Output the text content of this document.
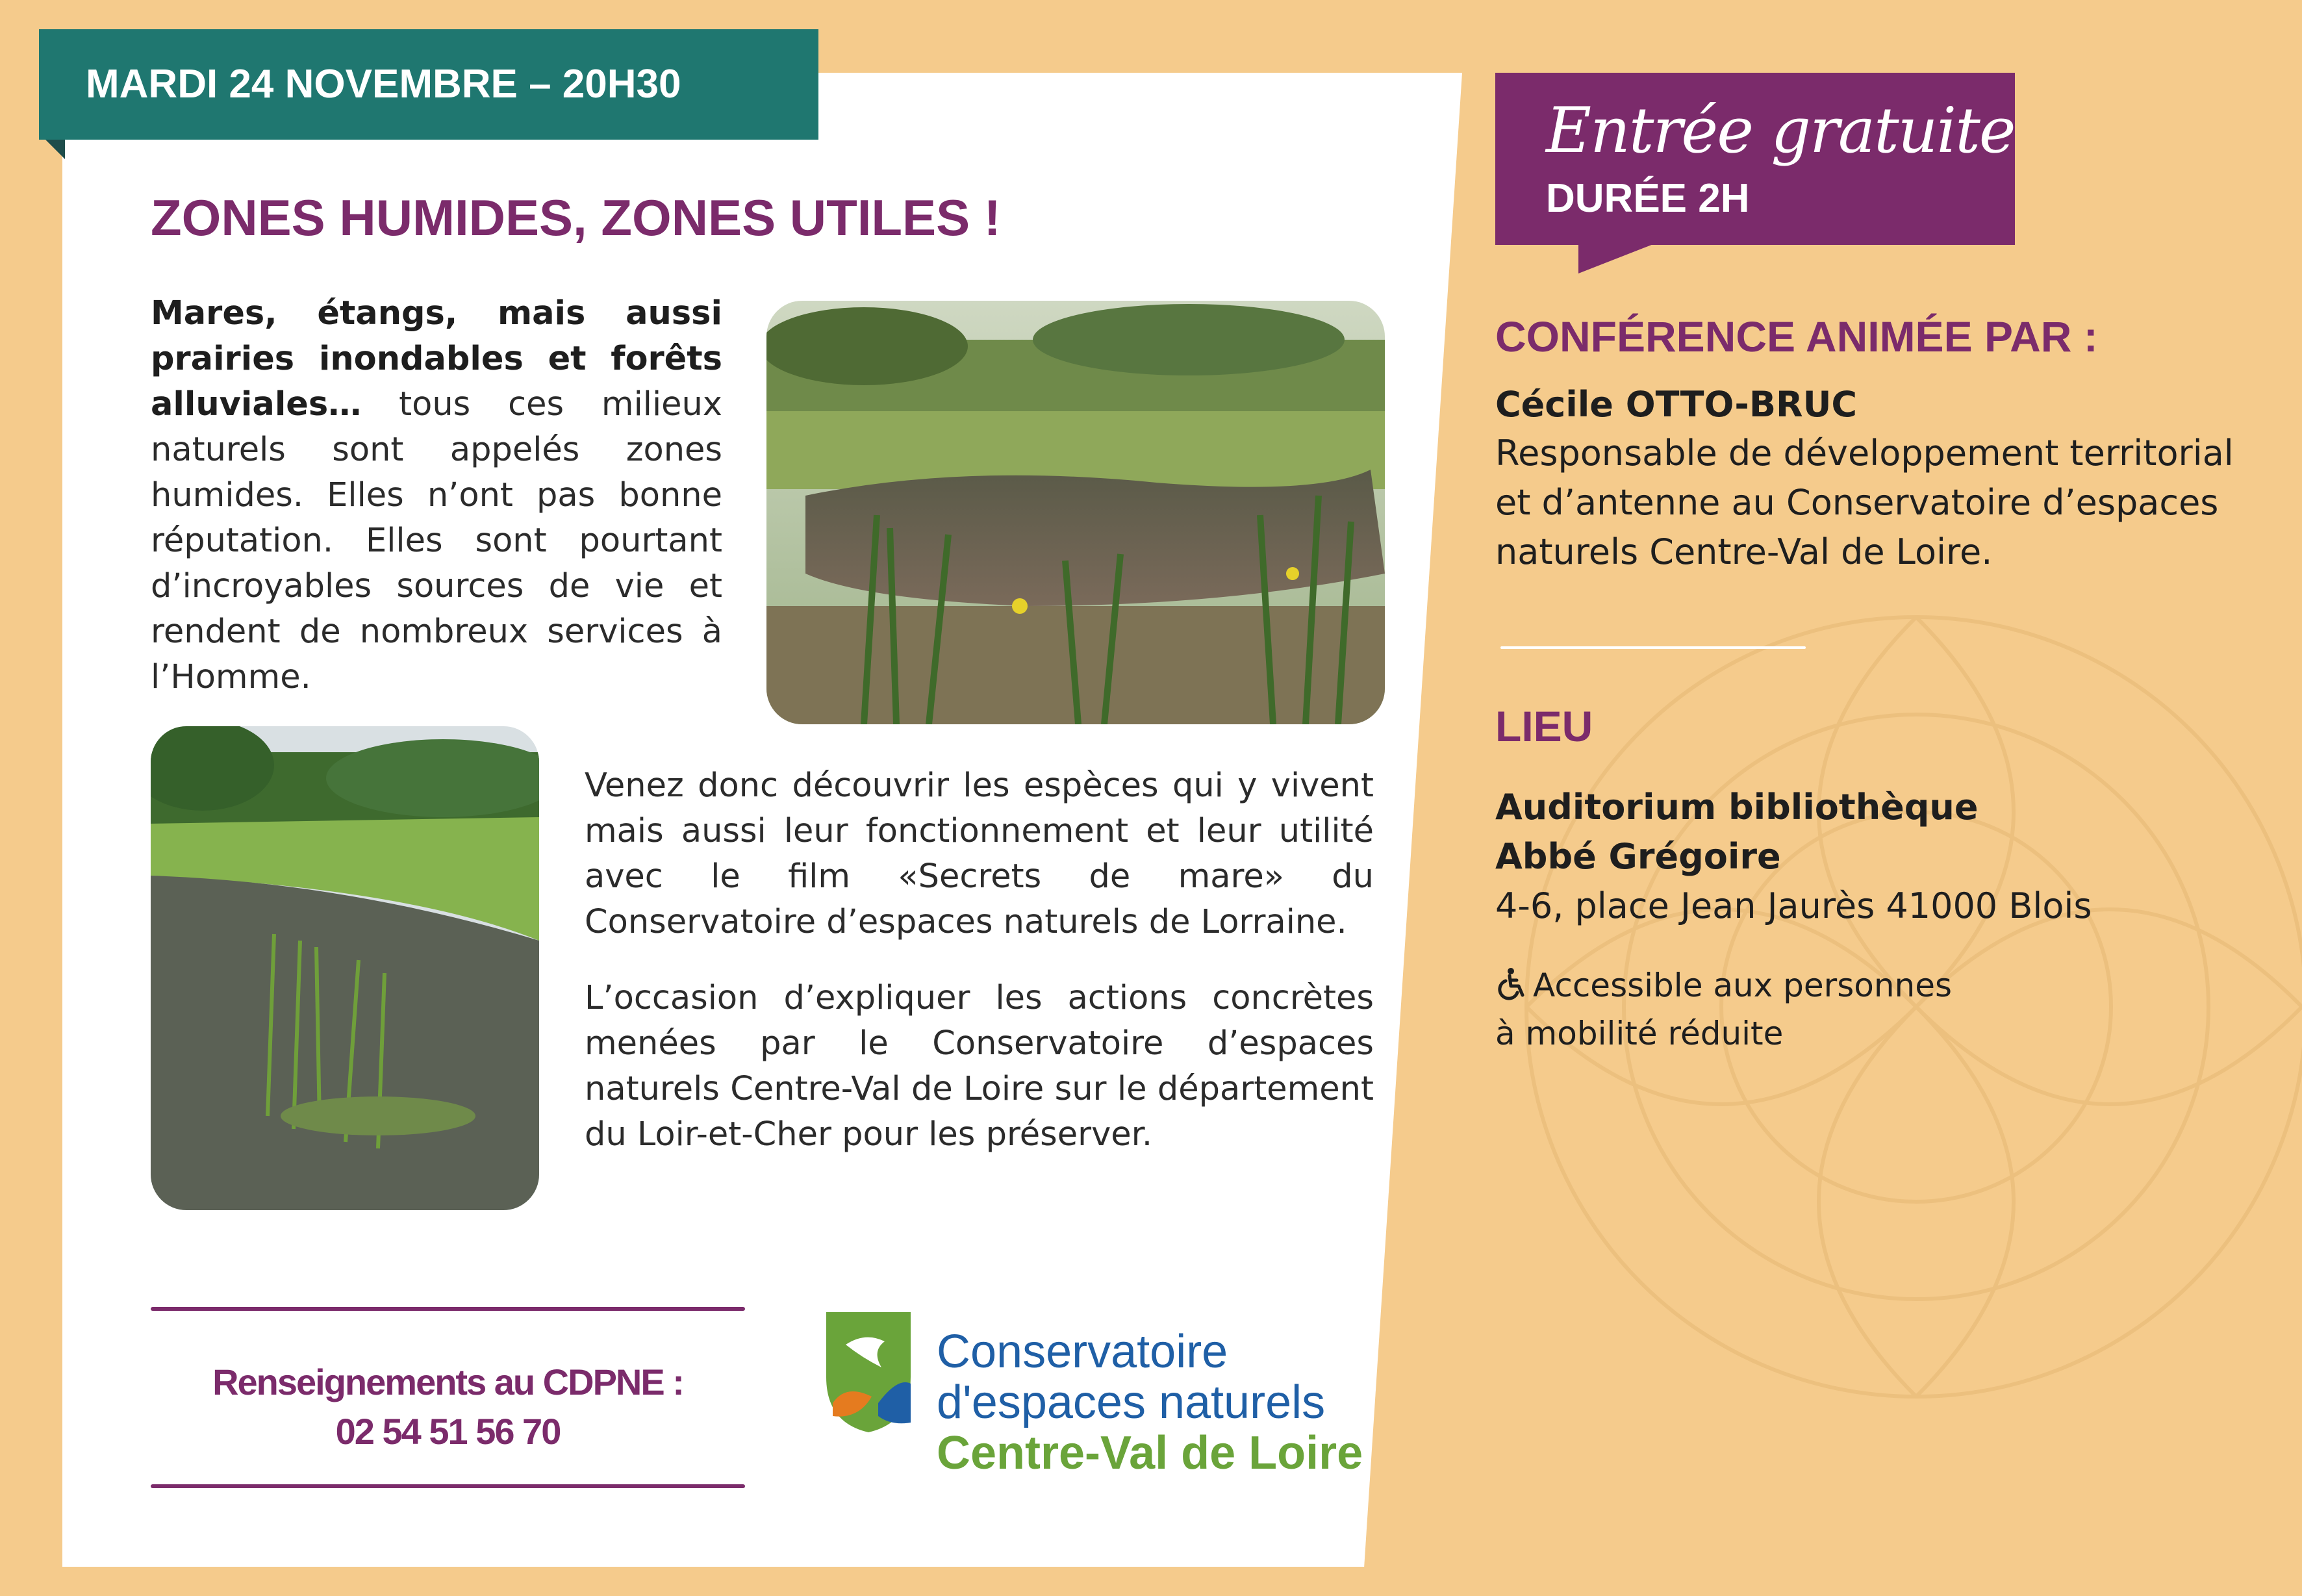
MARDI 24 NOVEMBRE – 20H30
ZONES HUMIDES, ZONES UTILES !
Mares, étangs, mais aussi prairies inondables et forêts alluviales… tous ces milieux naturels sont appelés zones humides. Elles n’ont pas bonne réputation. Elles sont pourtant d’incroyables sources de vie et rendent de nombreux services à l’Homme.
Venez donc découvrir les espèces qui y vivent mais aussi leur fonctionnement et leur utilité avec le film «Secrets de mare» du Conservatoire d’espaces naturels de Lorraine.
L’occasion d’expliquer les actions concrètes menées par le Conservatoire d’espaces naturels Centre-Val de Loire sur le département du Loir-et-Cher pour les préserver.
Renseignements au CDPNE :
02 54 51 56 70
Conservatoire
d'espaces naturels
Centre-Val de Loire
Entrée gratuite
DURÉE 2H
CONFÉRENCE ANIMÉE PAR :
Cécile OTTO-BRUC
Responsable de développement territorial et d’antenne au Conservatoire d’espaces naturels Centre-Val de Loire.
LIEU
Auditorium bibliothèque
Abbé Grégoire
4-6, place Jean Jaurès 41000 Blois
Accessible aux personnes
à mobilité réduite
